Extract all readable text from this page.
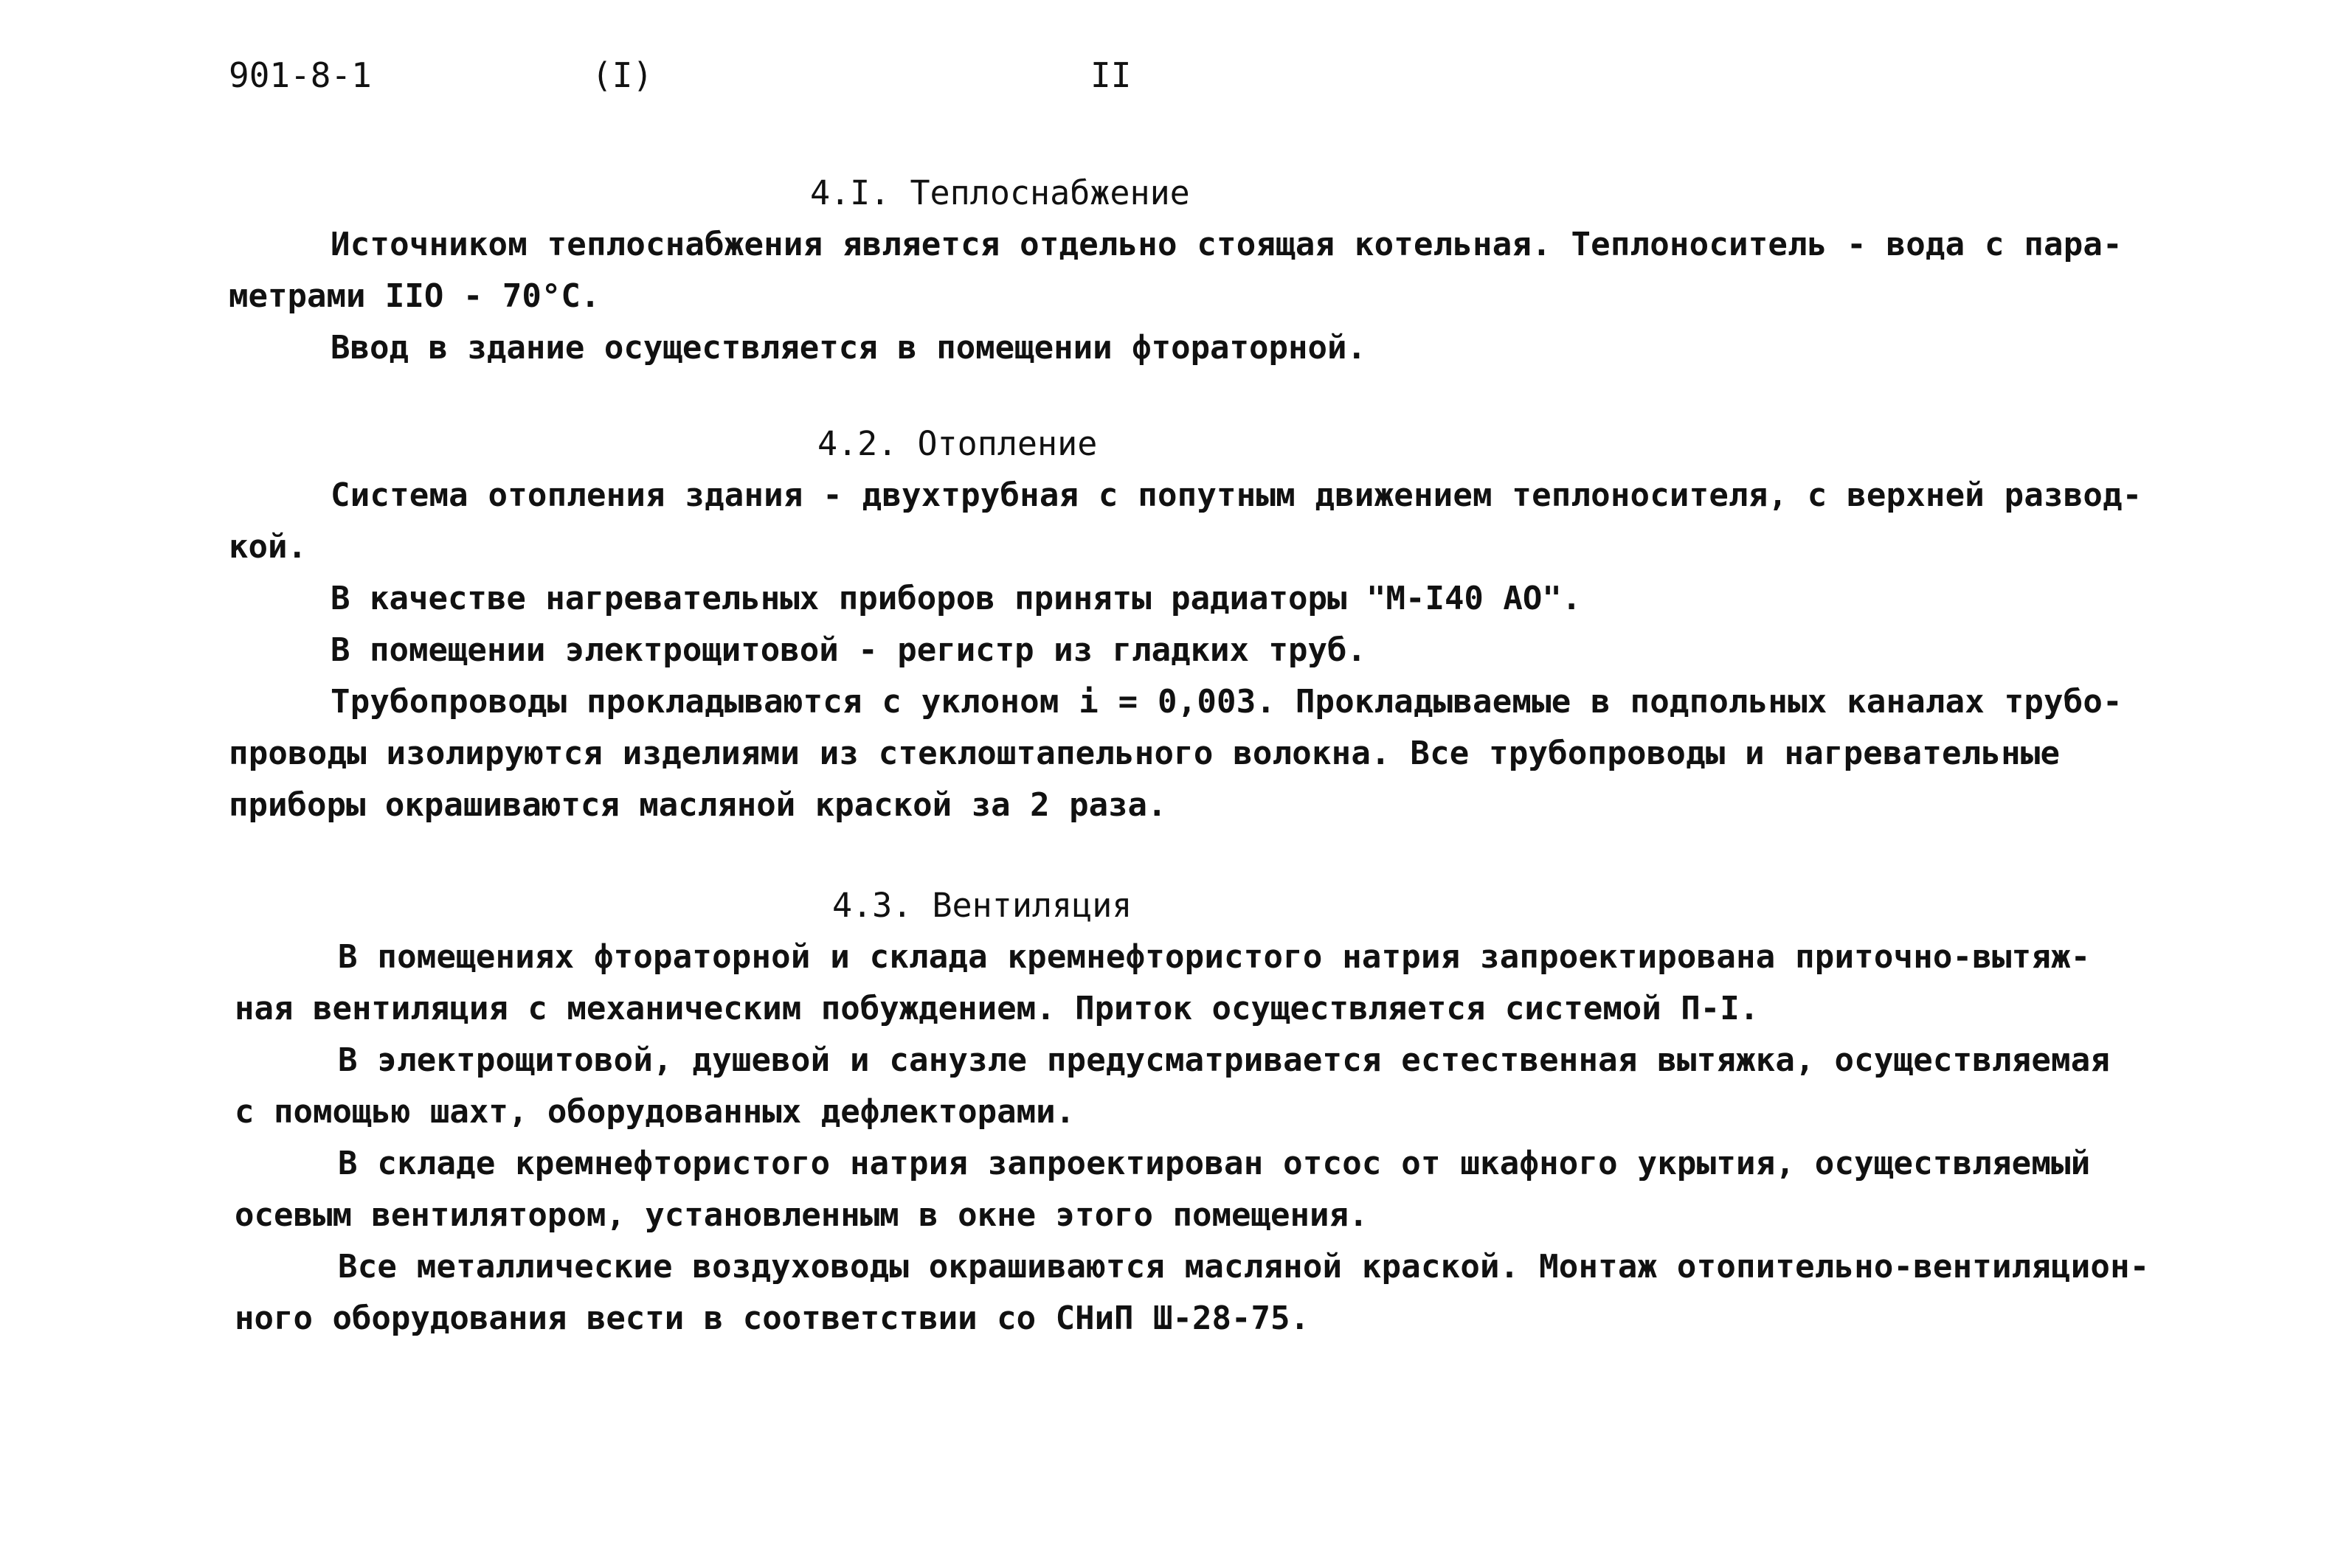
901-8-1	(I)	II
4.I. Теплоснабжение
Источником теплоснабжения является отдельно стоящая котельная. Теплоноситель - вода с пара-
метрами IIO - 70°C.
Ввод в здание осуществляется в помещении фтораторной.
4.2. Отопление
Система отопления здания - двухтрубная с попутным движением теплоносителя, с верхней развод-
кой.
В качестве нагревательных приборов приняты радиаторы "М-I40 АО".
В помещении электрощитовой - регистр из гладких труб.
Трубопроводы прокладываются с уклоном i = 0,003. Прокладываемые в подпольных каналах трубо-
проводы изолируются изделиями из стеклоштапельного волокна. Все трубопроводы и нагревательные
приборы окрашиваются масляной краской за 2 раза.
4.3. Вентиляция
В помещениях фтораторной и склада кремнефтористого натрия запроектирована приточно-вытяж-
ная вентиляция с механическим побуждением. Приток осуществляется системой П-I.
В электрощитовой, душевой и санузле предусматривается естественная вытяжка, осуществляемая
с помощью шахт, оборудованных дефлекторами.
В складе кремнефтористого натрия запроектирован отсос от шкафного укрытия, осуществляемый
осевым вентилятором, установленным в окне этого помещения.
Все металлические воздуховоды окрашиваются масляной краской. Монтаж отопительно-вентиляцион-
ного оборудования вести в соответствии со СНиП Ш-28-75.
